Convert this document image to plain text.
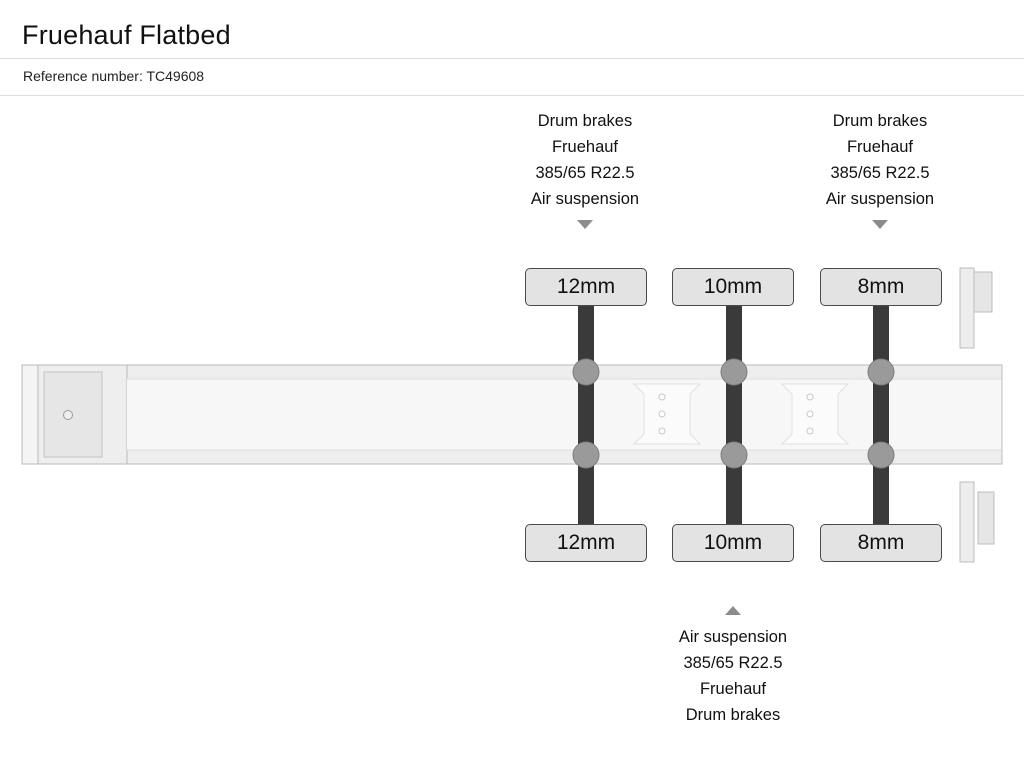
Fruehauf Flatbed
Reference number: TC49608
Drum brakes
Fruehauf
385/65 R22.5
Air suspension
Drum brakes
Fruehauf
385/65 R22.5
Air suspension
Air suspension
385/65 R22.5
Fruehauf
Drum brakes
12mm	10mm	8mm
12mm	10mm	8mm
